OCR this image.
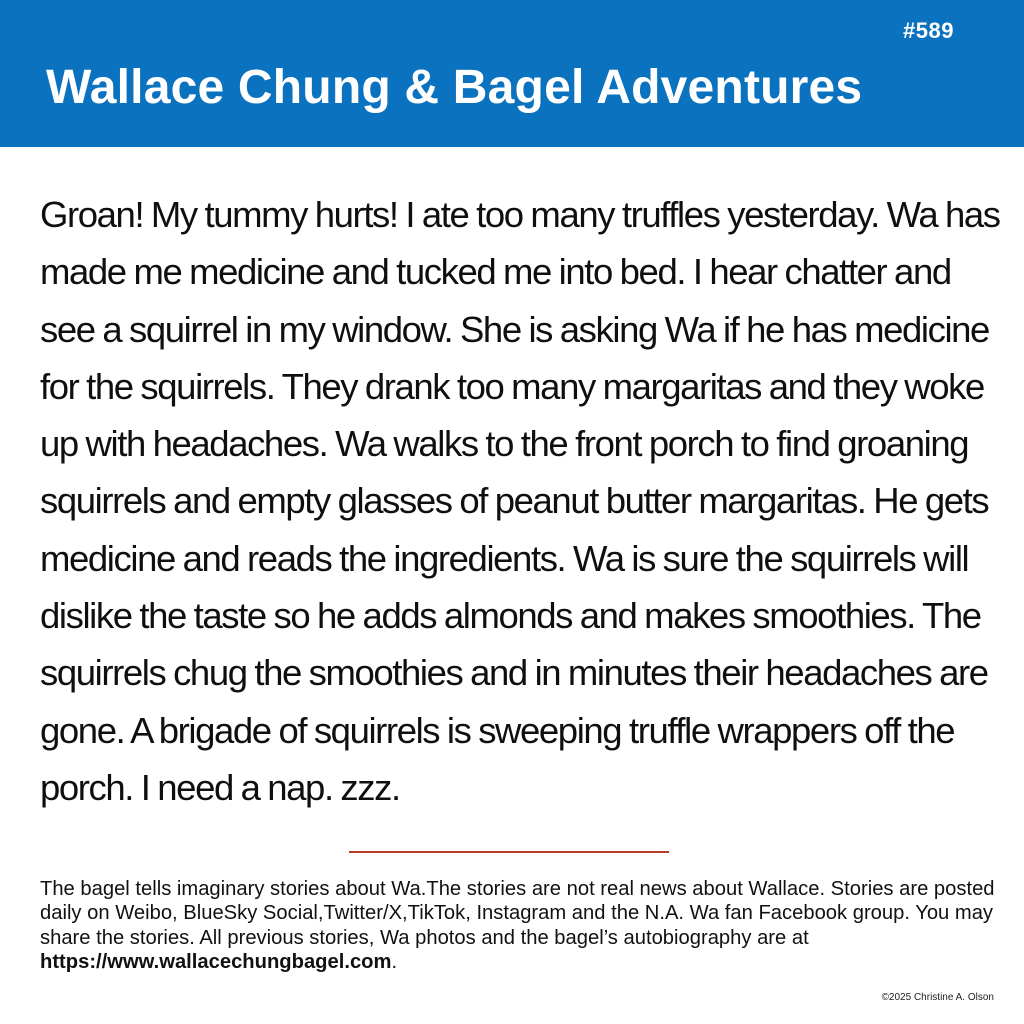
#589
Wallace Chung & Bagel Adventures

Groan! My tummy hurts! I ate too many truffles yesterday. Wa has made me medicine and tucked me into bed. I hear chatter and see a squirrel in my window. She is asking Wa if he has medicine for the squirrels. They drank too many margaritas and they woke up with headaches. Wa walks to the front porch to find groaning squirrels and empty glasses of peanut butter margaritas. He gets medicine and reads the ingredients. Wa is sure the squirrels will dislike the taste so he adds almonds and makes smoothies. The squirrels chug the smoothies and in minutes their headaches are gone. A brigade of squirrels is sweeping truffle wrappers off the porch. I need a nap. zzz.

The bagel tells imaginary stories about Wa.The stories are not real news about Wallace. Stories are posted daily on Weibo, BlueSky Social,Twitter/X,TikTok, Instagram and the N.A. Wa fan Facebook group. You may share the stories. All previous stories, Wa photos and the bagel’s autobiography are at https://www.wallacechungbagel.com.

©2025 Christine A. Olson
